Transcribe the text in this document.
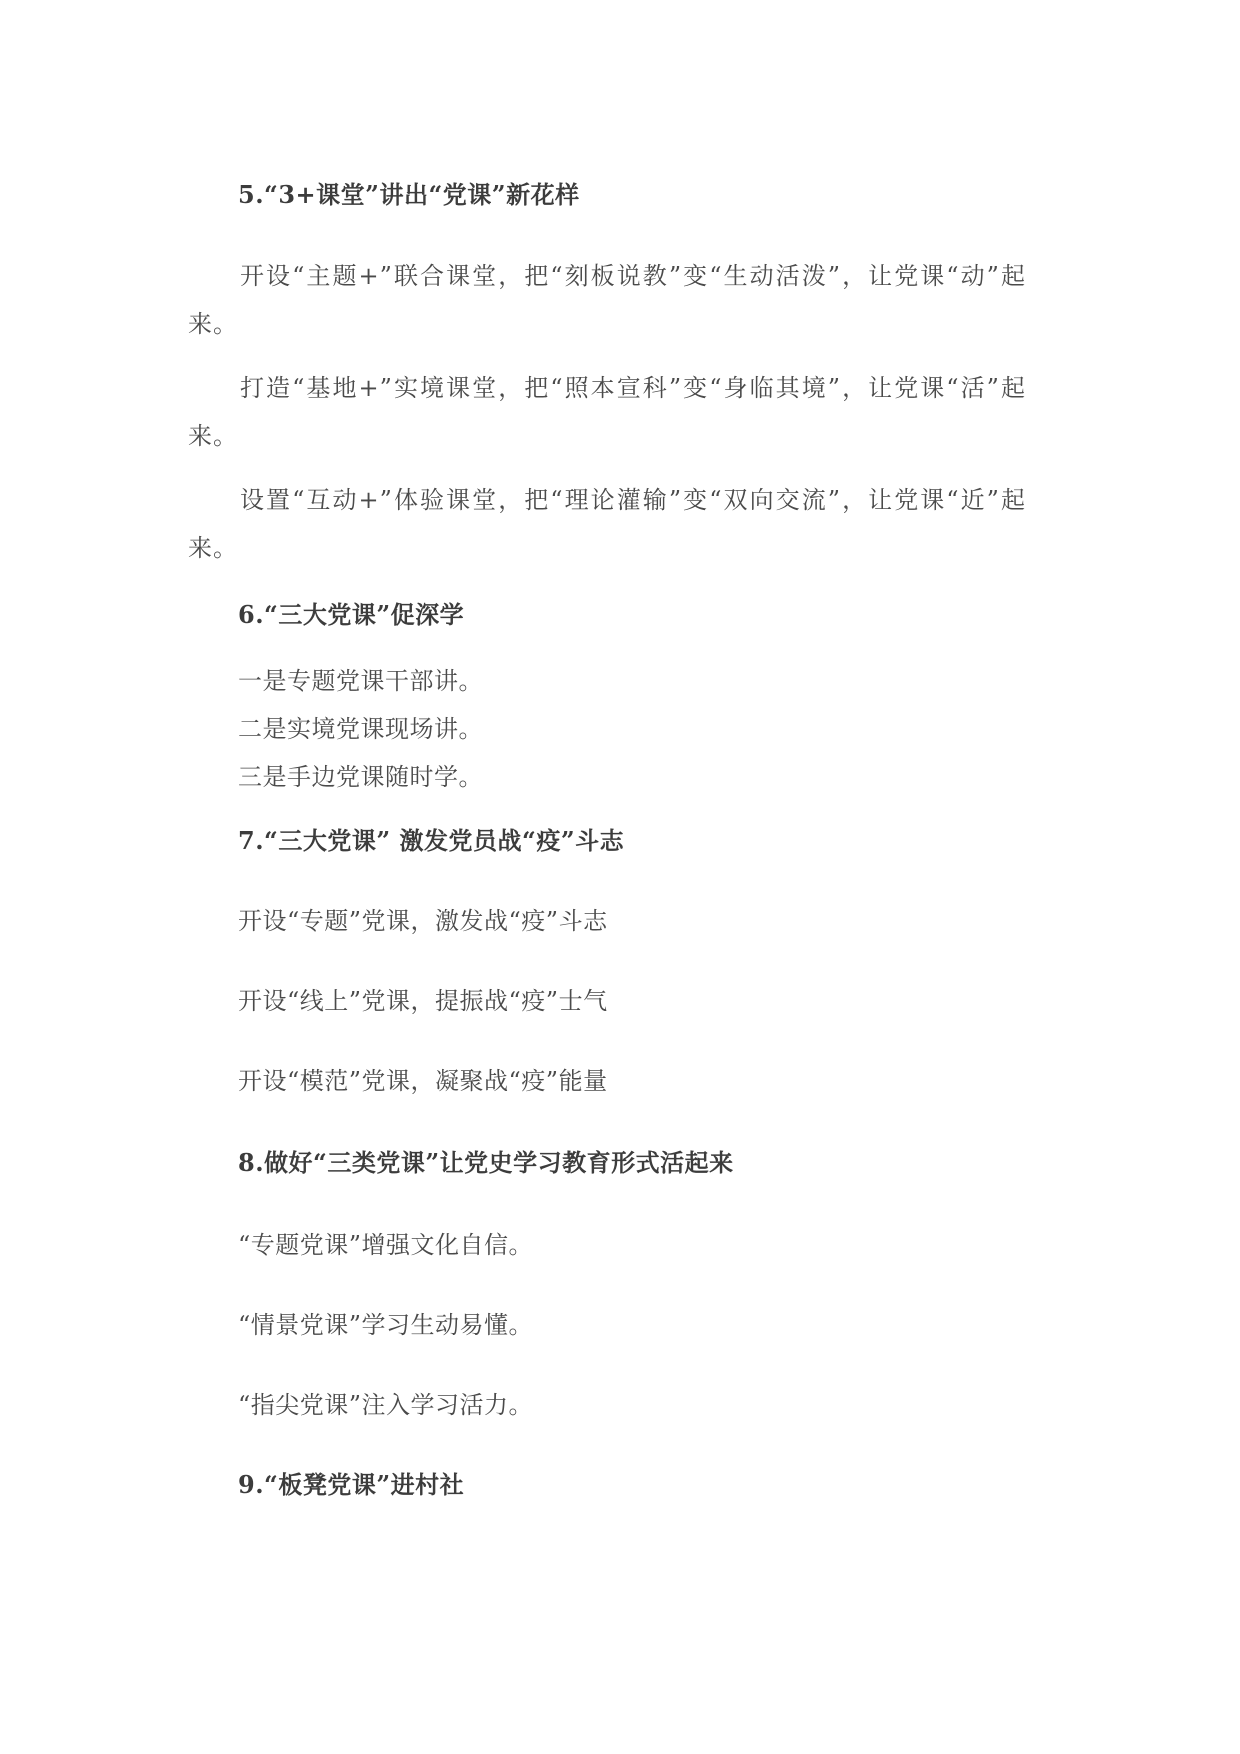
5.“3+课堂”讲出“党课”新花样
开设“主题+”联合课堂，把“刻板说教”变“生动活泼”，让党课“动”起来。
打造“基地+”实境课堂，把“照本宣科”变“身临其境”，让党课“活”起来。
设置“互动+”体验课堂，把“理论灌输”变“双向交流”，让党课“近”起来。
6.“三大党课”促深学
一是专题党课干部讲。
二是实境党课现场讲。
三是手边党课随时学。
7.“三大党课” 激发党员战“疫”斗志
开设“专题”党课，激发战“疫”斗志
开设“线上”党课，提振战“疫”士气
开设“模范”党课，凝聚战“疫”能量
8.做好“三类党课”让党史学习教育形式活起来
“专题党课”增强文化自信。
“情景党课”学习生动易懂。
“指尖党课”注入学习活力。
9.“板凳党课”进村社
